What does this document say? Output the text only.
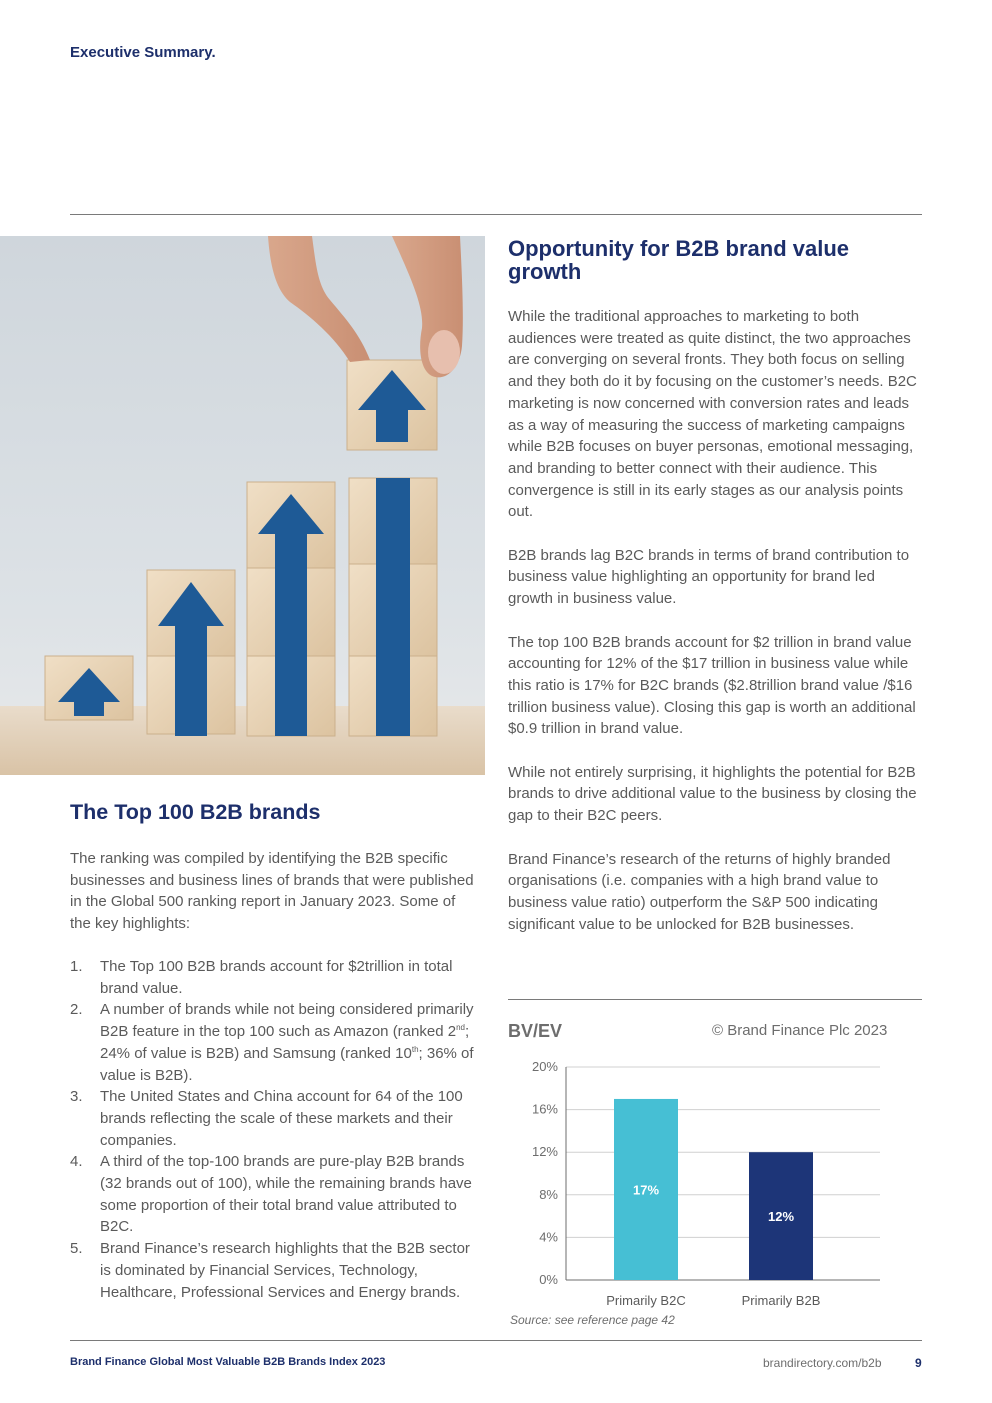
Executive Summary.
Opportunity for B2B brand value growth

While the traditional approaches to marketing to both audiences were treated as quite distinct, the two approaches are converging on several fronts. They both focus on selling and they both do it by focusing on the customer’s needs. B2C marketing is now concerned with conversion rates and leads as a way of measuring the success of marketing campaigns while B2B focuses on buyer personas, emotional messaging, and branding to better connect with their audience. This convergence is still in its early stages as our analysis points out.

B2B brands lag B2C brands in terms of brand contribution to business value highlighting an opportunity for brand led growth in business value.

The top 100 B2B brands account for $2 trillion in brand value accounting for 12% of the $17 trillion in business value while this ratio is 17% for B2C brands ($2.8trillion brand value /$16 trillion business value). Closing this gap is worth an additional $0.9 trillion in brand value.

While not entirely surprising, it highlights the potential for B2B brands to drive additional value to the business by closing the gap to their B2C peers.

Brand Finance’s research of the returns of highly branded organisations (i.e. companies with a high brand value to business value ratio) outperform the S&P 500 indicating significant value to be unlocked for B2B businesses.

The Top 100 B2B brands

The ranking was compiled by identifying the B2B specific businesses and business lines of brands that were published in the Global 500 ranking report in January 2023. Some of the key highlights:

1. The Top 100 B2B brands account for $2trillion in total brand value.
2. A number of brands while not being considered primarily B2B feature in the top 100 such as Amazon (ranked 2nd; 24% of value is B2B) and Samsung (ranked 10th; 36% of value is B2B).
3. The United States and China account for 64 of the 100 brands reflecting the scale of these markets and their companies.
4. A third of the top-100 brands are pure-play B2B brands (32 brands out of 100), while the remaining brands have some proportion of their total brand value attributed to B2C.
5. Brand Finance’s research highlights that the B2B sector is dominated by Financial Services, Technology, Healthcare, Professional Services and Energy brands.
BV/EV	© Brand Finance Plc 2023
0%
4%
8%
12%
16%
20%
17%
Primarily B2C
12%
Primarily B2B
Source: see reference page 42
Brand Finance Global Most Valuable B2B Brands Index 2023	brandirectory.com/b2b	9
